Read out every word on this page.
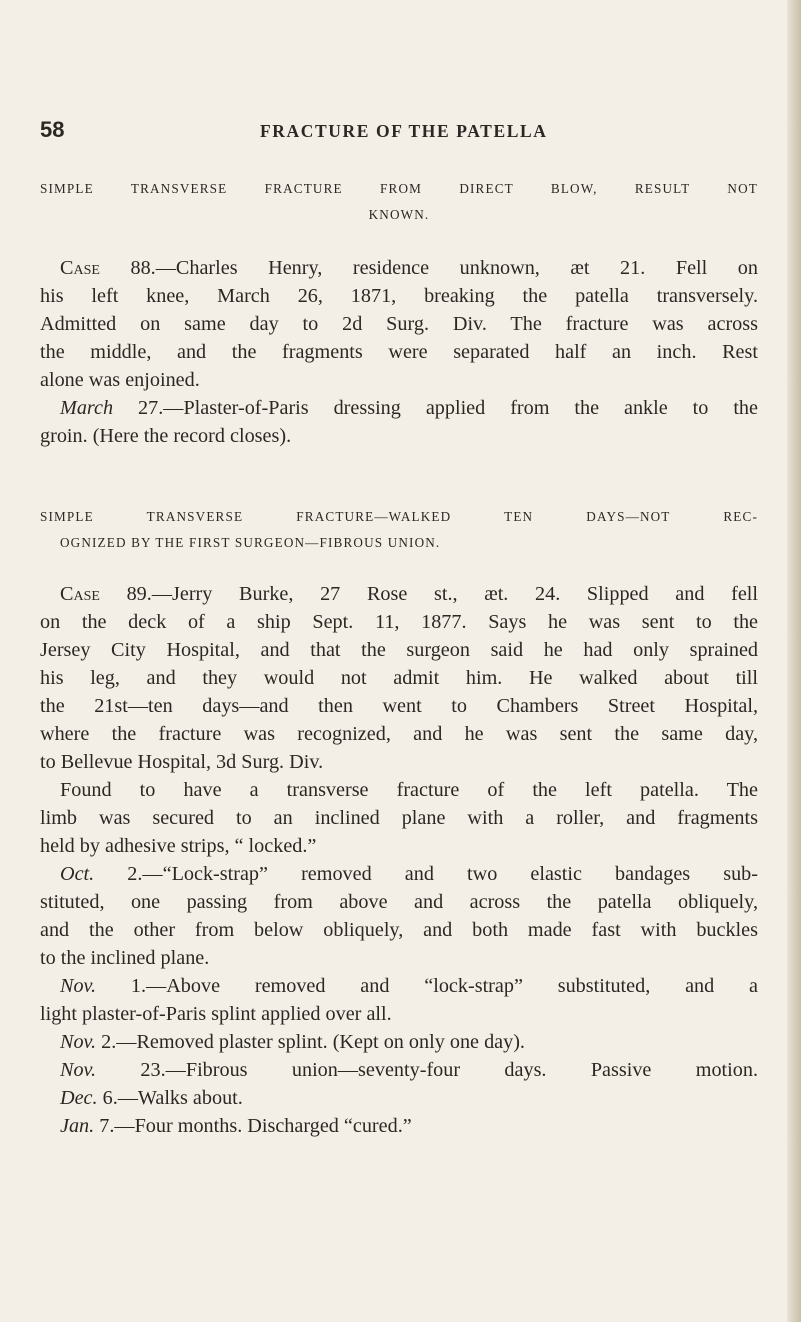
58	FRACTURE OF THE PATELLA
SIMPLE TRANSVERSE FRACTURE FROM DIRECT BLOW, RESULT NOT
KNOWN.
Case 88.—Charles Henry, residence unknown, æt 21. Fell on
his left knee, March 26, 1871, breaking the patella transversely.
Admitted on same day to 2d Surg. Div. The fracture was across
the middle, and the fragments were separated half an inch. Rest
alone was enjoined.
March 27.—Plaster-of-Paris dressing applied from the ankle to the
groin. (Here the record closes).
SIMPLE TRANSVERSE FRACTURE—WALKED TEN DAYS—NOT REC-
OGNIZED BY THE FIRST SURGEON—FIBROUS UNION.
Case 89.—Jerry Burke, 27 Rose st., æt. 24. Slipped and fell
on the deck of a ship Sept. 11, 1877. Says he was sent to the
Jersey City Hospital, and that the surgeon said he had only sprained
his leg, and they would not admit him. He walked about till
the 21st—ten days—and then went to Chambers Street Hospital,
where the fracture was recognized, and he was sent the same day,
to Bellevue Hospital, 3d Surg. Div.
Found to have a transverse fracture of the left patella. The
limb was secured to an inclined plane with a roller, and fragments
held by adhesive strips, “ locked.”
Oct. 2.—“Lock-strap” removed and two elastic bandages sub-
stituted, one passing from above and across the patella obliquely,
and the other from below obliquely, and both made fast with buckles
to the inclined plane.
Nov. 1.—Above removed and “lock-strap” substituted, and a
light plaster-of-Paris splint applied over all.
Nov. 2.—Removed plaster splint. (Kept on only one day).
Nov. 23.—Fibrous union—seventy-four days. Passive motion.
Dec. 6.—Walks about.
Jan. 7.—Four months. Discharged “cured.”
